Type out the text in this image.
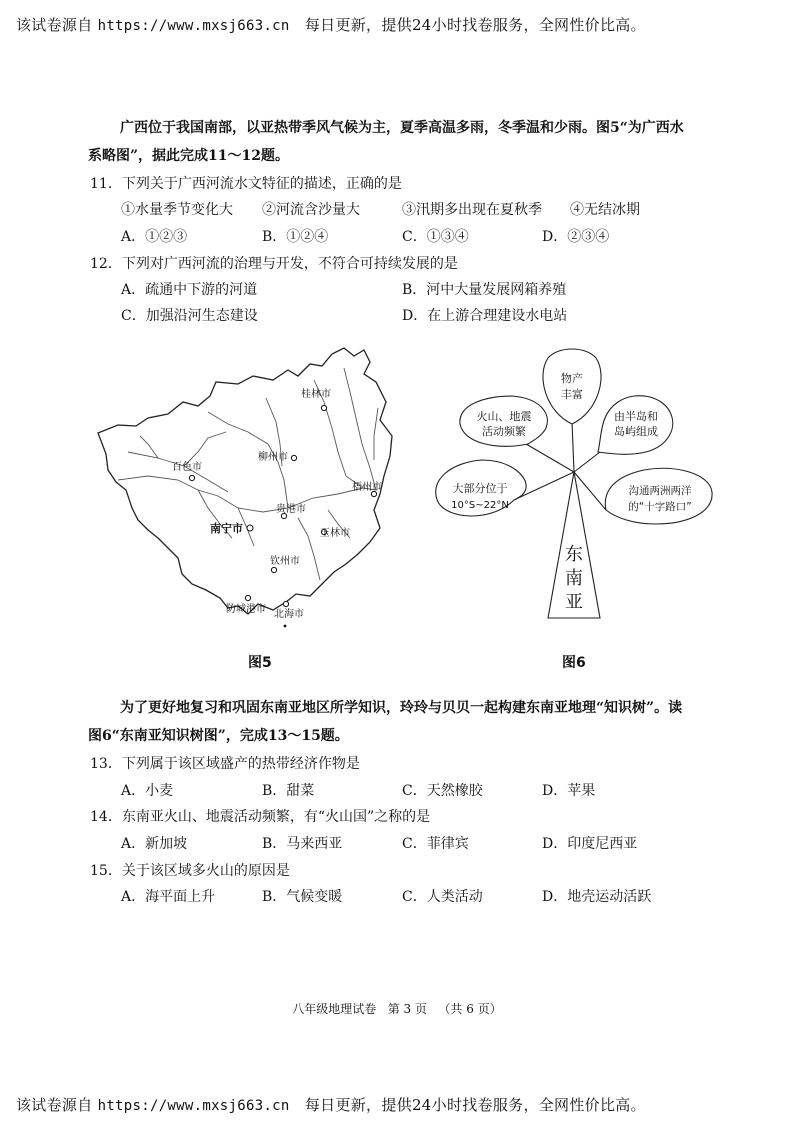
该试卷源自 https://www.mxsj663.cn 每日更新，提供24小时找卷服务，全网性价比高。
广西位于我国南部，以亚热带季风气候为主，夏季高温多雨，冬季温和少雨。图5“为广西水
系略图”，据此完成11～12题。
11．下列关于广西河流水文特征的描述，正确的是
①水量季节变化大 ②河流含沙量大	③汛期多出现在夏秋季 ④无结冰期
A．①②③	B．①②④	C．①③④	D．②③④
12．下列对广西河流的治理与开发，不符合可持续发展的是
A．疏通中下游的河道	B．河中大量发展网箱养殖
C．加强沿河生态建设	D．在上游合理建设水电站
桂林市
柳州市
百色市
梧州市
贵港市
南宁市	玉林市
钦州市
防城港市 北海市
图5
物产
丰富
火山、地震
活动频繁
由半岛和
岛屿组成
大部分位于
10°S~22°N
沟通两洲两洋
的“十字路口”
东
南
亚
图6
为了更好地复习和巩固东南亚地区所学知识，玲玲与贝贝一起构建东南亚地理“知识树”。读
图6“东南亚知识树图”，完成13～15题。
13．下列属于该区域盛产的热带经济作物是
A．小麦	B．甜菜	C．天然橡胶	D．苹果
14．东南亚火山、地震活动频繁，有“火山国”之称的是
A．新加坡	B．马来西亚	C．菲律宾	D．印度尼西亚
15．关于该区域多火山的原因是
A．海平面上升	B．气候变暖	C．人类活动	D．地壳运动活跃
八年级地理试卷   第 3 页   （共 6 页）
该试卷源自 https://www.mxsj663.cn 每日更新，提供24小时找卷服务，全网性价比高。
